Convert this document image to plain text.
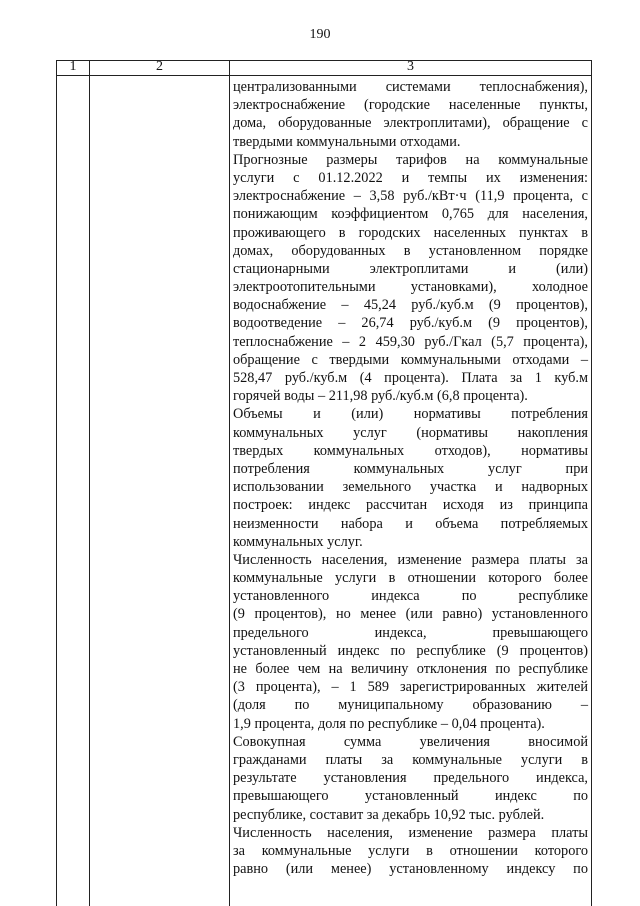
190
1	2	3
централизованными системами теплоснабжения),
электроснабжение (городские населенные пункты,
дома, оборудованные электроплитами), обращение с
твердыми коммунальными отходами.
Прогнозные размеры тарифов на коммунальные
услуги с 01.12.2022 и темпы их изменения:
электроснабжение – 3,58 руб./кВт·ч (11,9 процента, с
понижающим коэффициентом 0,765 для населения,
проживающего в городских населенных пунктах в
домах, оборудованных в установленном порядке
стационарными электроплитами и (или)
электроотопительными установками), холодное
водоснабжение – 45,24 руб./куб.м (9 процентов),
водоотведение – 26,74 руб./куб.м (9 процентов),
теплоснабжение – 2 459,30 руб./Гкал (5,7 процента),
обращение с твердыми коммунальными отходами –
528,47 руб./куб.м (4 процента). Плата за 1 куб.м
горячей воды – 211,98 руб./куб.м (6,8 процента).
Объемы и (или) нормативы потребления
коммунальных услуг (нормативы накопления
твердых коммунальных отходов), нормативы
потребления коммунальных услуг при
использовании земельного участка и надворных
построек: индекс рассчитан исходя из принципа
неизменности набора и объема потребляемых
коммунальных услуг.
Численность населения, изменение размера платы за
коммунальные услуги в отношении которого более
установленного индекса по республике
(9 процентов), но менее (или равно) установленного
предельного индекса, превышающего
установленный индекс по республике (9 процентов)
не более чем на величину отклонения по республике
(3 процента), – 1 589 зарегистрированных жителей
(доля по муниципальному образованию –
1,9 процента, доля по республике – 0,04 процента).
Совокупная сумма увеличения вносимой
гражданами платы за коммунальные услуги в
результате установления предельного индекса,
превышающего установленный индекс по
республике, составит за декабрь 10,92 тыс. рублей.
Численность населения, изменение размера платы
за коммунальные услуги в отношении которого
равно (или менее) установленному индексу по
